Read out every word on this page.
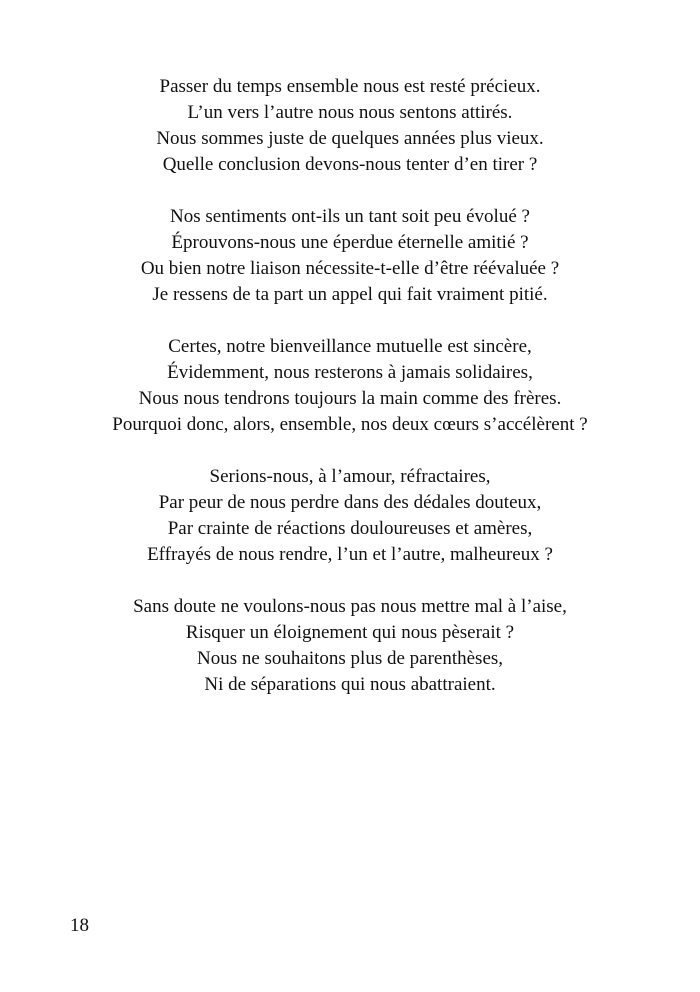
Passer du temps ensemble nous est resté précieux.
L’un vers l’autre nous nous sentons attirés.
Nous sommes juste de quelques années plus vieux.
Quelle conclusion devons-nous tenter d’en tirer ?
Nos sentiments ont-ils un tant soit peu évolué ?
Éprouvons-nous une éperdue éternelle amitié ?
Ou bien notre liaison nécessite-t-elle d’être réévaluée ?
Je ressens de ta part un appel qui fait vraiment pitié.
Certes, notre bienveillance mutuelle est sincère,
Évidemment, nous resterons à jamais solidaires,
Nous nous tendrons toujours la main comme des frères.
Pourquoi donc, alors, ensemble, nos deux cœurs s’accélèrent ?
Serions-nous, à l’amour, réfractaires,
Par peur de nous perdre dans des dédales douteux,
Par crainte de réactions douloureuses et amères,
Effrayés de nous rendre, l’un et l’autre, malheureux ?
Sans doute ne voulons-nous pas nous mettre mal à l’aise,
Risquer un éloignement qui nous pèserait ?
Nous ne souhaitons plus de parenthèses,
Ni de séparations qui nous abattraient.
18
